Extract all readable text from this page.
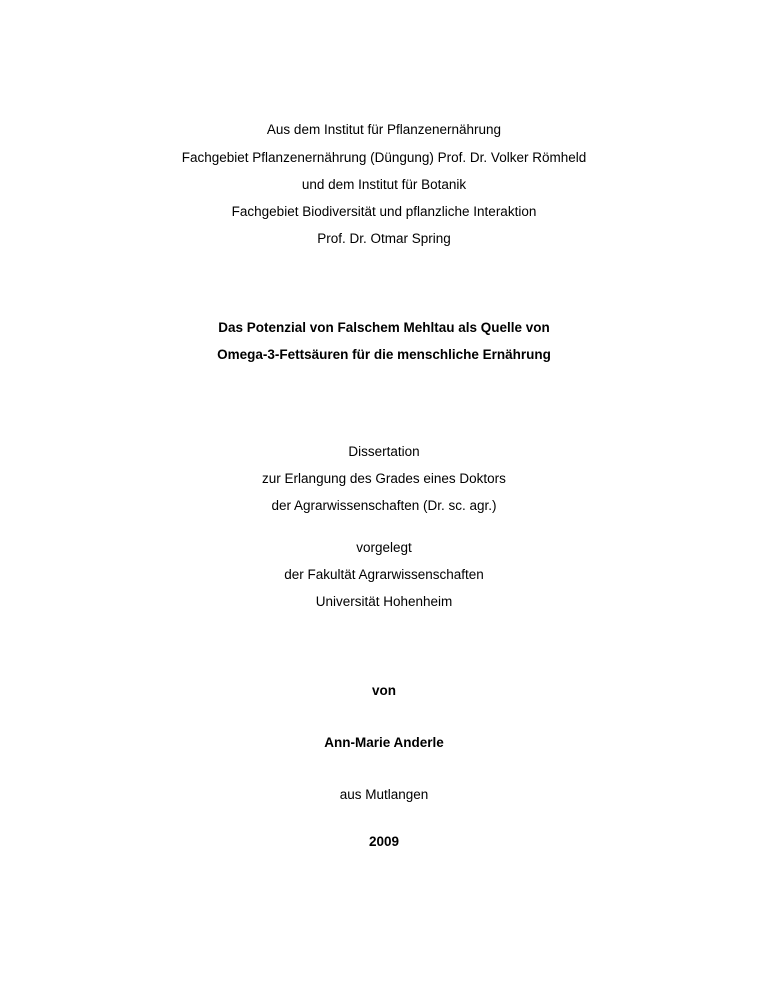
Aus dem Institut für Pflanzenernährung
Fachgebiet Pflanzenernährung (Düngung) Prof. Dr. Volker Römheld
und dem Institut für Botanik
Fachgebiet Biodiversität und pflanzliche Interaktion
Prof. Dr. Otmar Spring
Das Potenzial von Falschem Mehltau als Quelle von
Omega-3-Fettsäuren für die menschliche Ernährung
Dissertation
zur Erlangung des Grades eines Doktors
der Agrarwissenschaften (Dr. sc. agr.)
vorgelegt
der Fakultät Agrarwissenschaften
Universität Hohenheim
von
Ann-Marie Anderle
aus Mutlangen
2009
